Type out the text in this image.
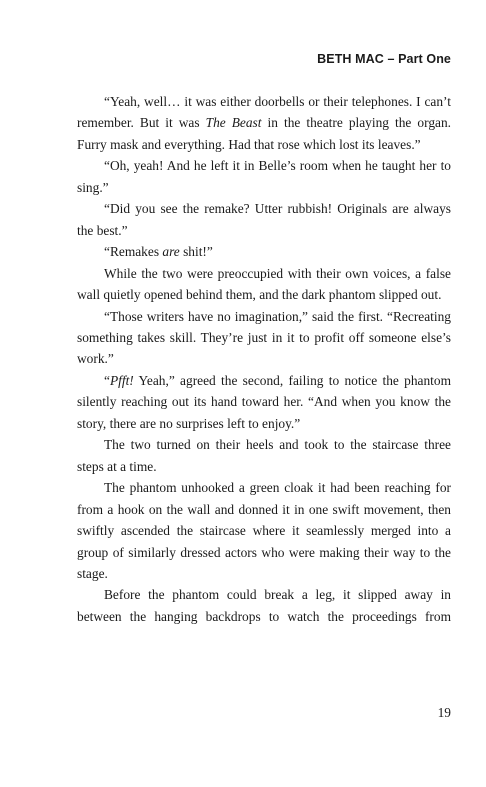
BETH MAC – Part One

“Yeah, well… it was either doorbells or their telephones. I can’t remember. But it was The Beast in the theatre playing the organ. Furry mask and everything. Had that rose which lost its leaves.”

“Oh, yeah! And he left it in Belle’s room when he taught her to sing.”

“Did you see the remake? Utter rubbish! Originals are always the best.”

“Remakes are shit!”

While the two were preoccupied with their own voices, a false wall quietly opened behind them, and the dark phantom slipped out.

“Those writers have no imagination,” said the first. “Recreating something takes skill. They’re just in it to profit off someone else’s work.”

“Pfft! Yeah,” agreed the second, failing to notice the phantom silently reaching out its hand toward her. “And when you know the story, there are no surprises left to enjoy.”

The two turned on their heels and took to the staircase three steps at a time.

The phantom unhooked a green cloak it had been reaching for from a hook on the wall and donned it in one swift movement, then swiftly ascended the staircase where it seamlessly merged into a group of similarly dressed actors who were making their way to the stage.

Before the phantom could break a leg, it slipped away in between the hanging backdrops to watch the proceedings from

19
